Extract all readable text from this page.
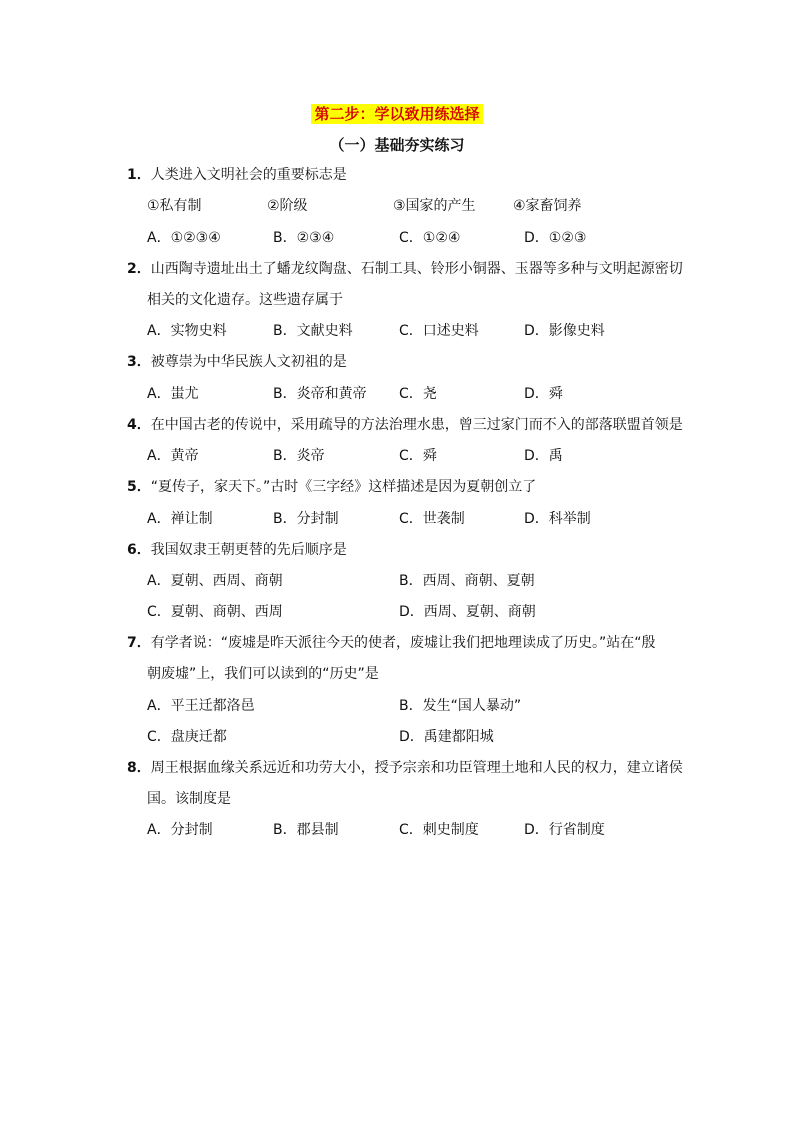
第二步：学以致用练选择
（一）基础夯实练习
1．人类进入文明社会的重要标志是
①私有制	②阶级	③国家的产生	④家畜饲养
A．①②③④	B．②③④	C．①②④	D．①②③
2．山西陶寺遗址出土了蟠龙纹陶盘、石制工具、铃形小铜器、玉器等多种与文明起源密切
相关的文化遗存。这些遗存属于
A．实物史料	B．文献史料	C．口述史料	D．影像史料
3．被尊崇为中华民族人文初祖的是
A．蚩尤	B．炎帝和黄帝 C．尧	D．舜
4．在中国古老的传说中，采用疏导的方法治理水患，曾三过家门而不入的部落联盟首领是
A．黄帝	B．炎帝	C．舜	D．禹
5．“夏传子，家天下。”古时《三字经》这样描述是因为夏朝创立了
A．禅让制	B．分封制	C．世袭制	D．科举制
6．我国奴隶王朝更替的先后顺序是
A．夏朝、西周、商朝	B．西周、商朝、夏朝
C．夏朝、商朝、西周	D．西周、夏朝、商朝
7．有学者说：“废墟是昨天派往今天的使者，废墟让我们把地理读成了历史。”站在“殷
朝废墟”上，我们可以读到的“历史”是
A．平王迁都洛邑	B．发生“国人暴动”
C．盘庚迁都	D．禹建都阳城
8．周王根据血缘关系远近和功劳大小，授予宗亲和功臣管理土地和人民的权力，建立诸侯
国。该制度是
A．分封制	B．郡县制	C．刺史制度	D．行省制度
